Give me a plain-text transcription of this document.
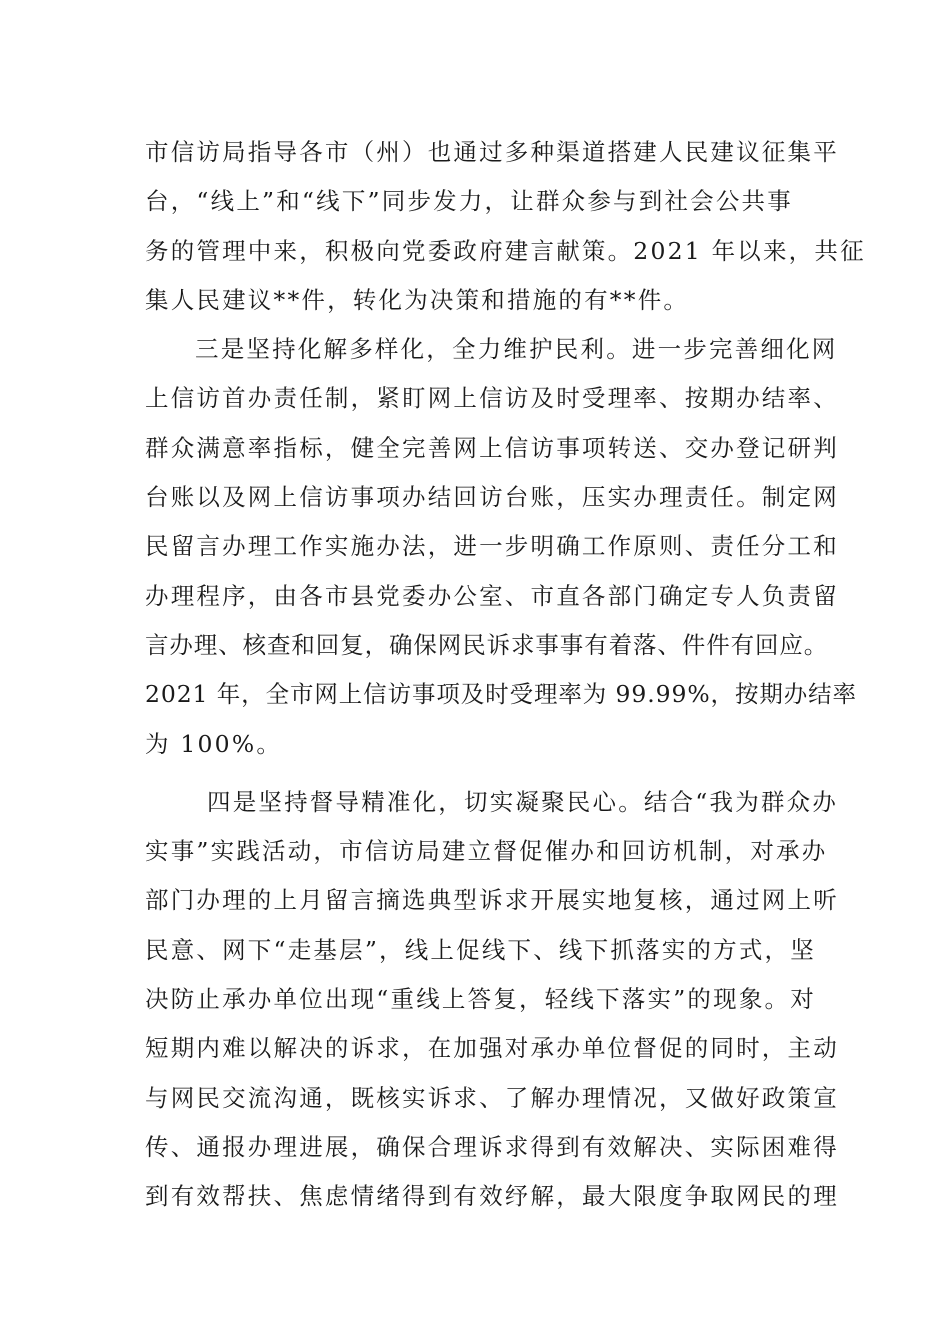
市信访局指导各市（州）也通过多种渠道搭建人民建议征集平
台，“线上”和“线下”同步发力，让群众参与到社会公共事
务的管理中来，积极向党委政府建言献策。2021 年以来，共征
集人民建议**件，转化为决策和措施的有**件。
三是坚持化解多样化，全力维护民利。进一步完善细化网
上信访首办责任制，紧盯网上信访及时受理率、按期办结率、
群众满意率指标，健全完善网上信访事项转送、交办登记研判
台账以及网上信访事项办结回访台账，压实办理责任。制定网
民留言办理工作实施办法，进一步明确工作原则、责任分工和
办理程序，由各市县党委办公室、市直各部门确定专人负责留
言办理、核查和回复，确保网民诉求事事有着落、件件有回应。
2021 年，全市网上信访事项及时受理率为 99.99%，按期办结率
为 100%。
四是坚持督导精准化，切实凝聚民心。结合“我为群众办
实事”实践活动，市信访局建立督促催办和回访机制，对承办
部门办理的上月留言摘选典型诉求开展实地复核，通过网上听
民意、网下“走基层”，线上促线下、线下抓落实的方式，坚
决防止承办单位出现“重线上答复，轻线下落实”的现象。对
短期内难以解决的诉求，在加强对承办单位督促的同时，主动
与网民交流沟通，既核实诉求、了解办理情况，又做好政策宣
传、通报办理进展，确保合理诉求得到有效解决、实际困难得
到有效帮扶、焦虑情绪得到有效纾解，最大限度争取网民的理
